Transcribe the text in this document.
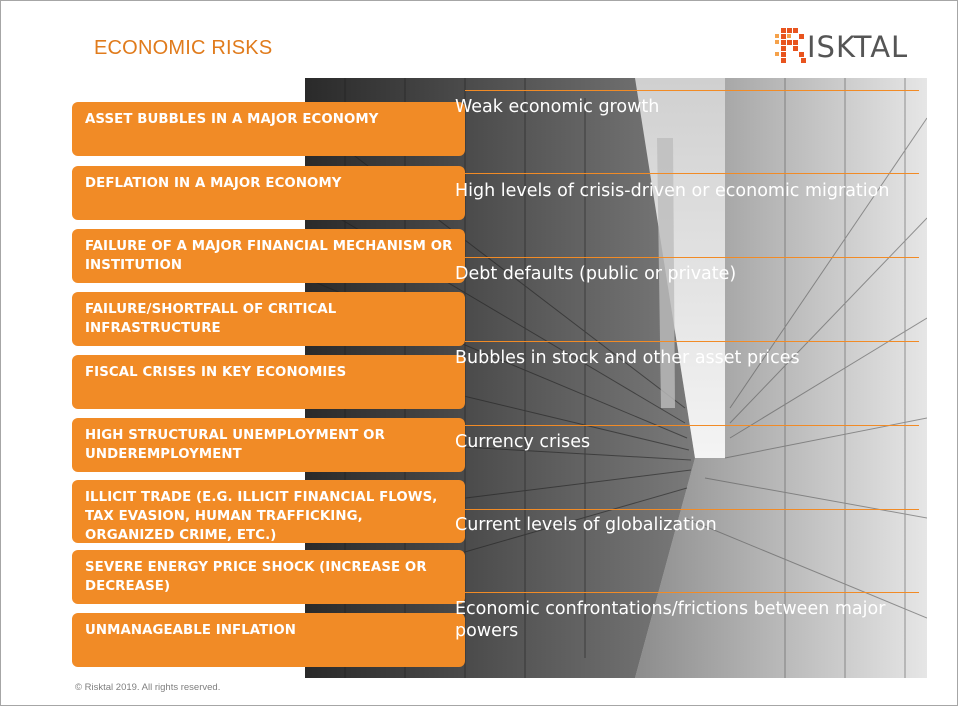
ECONOMIC RISKS	ISKTAL
ASSET BUBBLES IN A MAJOR ECONOMY
DEFLATION IN A MAJOR ECONOMY
FAILURE OF A MAJOR FINANCIAL MECHANISM OR INSTITUTION
FAILURE/SHORTFALL OF CRITICAL INFRASTRUCTURE
FISCAL CRISES IN KEY ECONOMIES
HIGH STRUCTURAL UNEMPLOYMENT OR UNDEREMPLOYMENT
ILLICIT TRADE (E.G. ILLICIT FINANCIAL FLOWS, TAX EVASION, HUMAN TRAFFICKING, ORGANIZED CRIME, ETC.)
SEVERE ENERGY PRICE SHOCK (INCREASE OR DECREASE)
UNMANAGEABLE INFLATION
Weak economic growth
High levels of crisis-driven or economic migration
Debt defaults (public or private)
Bubbles in stock and other asset prices
Currency crises
Current levels of globalization
Economic confrontations/frictions between major powers
© Risktal 2019. All rights reserved.
